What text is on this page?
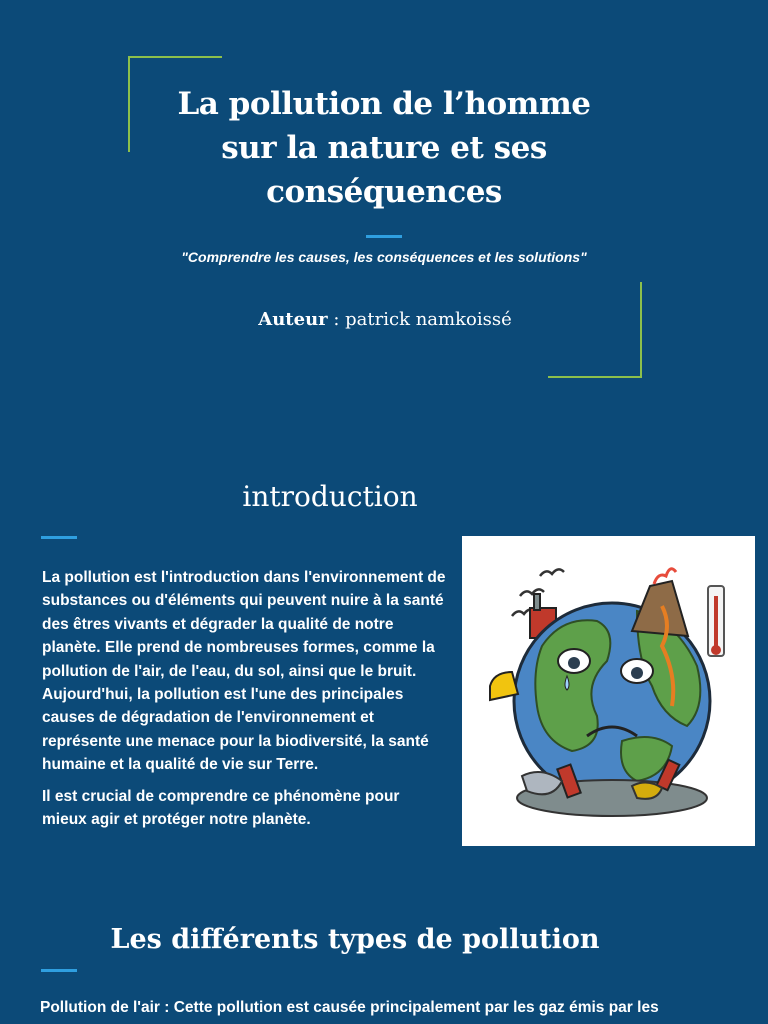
La pollution de l’homme
sur la nature et ses
conséquences
"Comprendre les causes, les conséquences et les solutions"
Auteur : patrick namkoissé
introduction

La pollution est l'introduction dans l'environnement de substances ou d'éléments qui peuvent nuire à la santé des êtres vivants et dégrader la qualité de notre planète. Elle prend de nombreuses formes, comme la pollution de l'air, de l'eau, du sol, ainsi que le bruit. Aujourd'hui, la pollution est l'une des principales causes de dégradation de l'environnement et représente une menace pour la biodiversité, la santé humaine et la qualité de vie sur Terre.

Il est crucial de comprendre ce phénomène pour mieux agir et protéger notre planète.

Les différents types de pollution
Pollution de l'air : Cette pollution est causée principalement par les gaz émis par les
